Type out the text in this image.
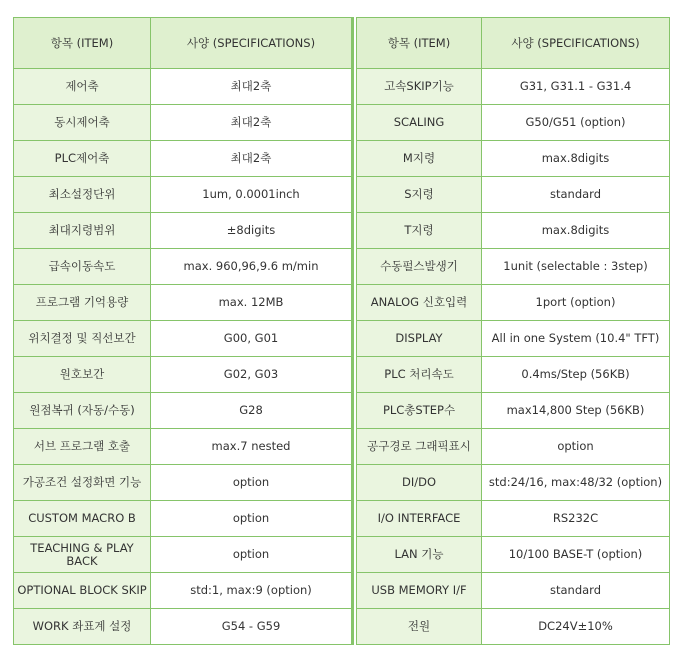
항목 (ITEM)	사양 (SPECIFICATIONS)
제어축	최대2축
동시제어축	최대2축
PLC제어축	최대2축
최소설정단위	1um, 0.0001inch
최대지령범위	±8digits
급속이동속도	max. 960,96,9.6 m/min
프로그램 기억용량	max. 12MB
위치결정 및 직선보간	G00, G01
원호보간	G02, G03
원점복귀 (자동/수동)	G28
서브 프로그램 호출	max.7 nested
가공조건 설정화면 기능	option
CUSTOM MACRO B	option
TEACHING & PLAY BACK	option
OPTIONAL BLOCK SKIP	std:1, max:9 (option)
WORK 좌표계 설정	G54 - G59
항목 (ITEM)	사양 (SPECIFICATIONS)
고속SKIP기능	G31, G31.1 - G31.4
SCALING	G50/G51 (option)
M지령	max.8digits
S지령	standard
T지령	max.8digits
수동펄스발생기	1unit (selectable : 3step)
ANALOG 신호입력	1port (option)
DISPLAY	All in one System (10.4" TFT)
PLC 처리속도	0.4ms/Step (56KB)
PLC총STEP수	max14,800 Step (56KB)
공구경로 그래픽표시	option
DI/DO	std:24/16, max:48/32 (option)
I/O INTERFACE	RS232C
LAN 기능	10/100 BASE-T (option)
USB MEMORY I/F	standard
전원	DC24V±10%
